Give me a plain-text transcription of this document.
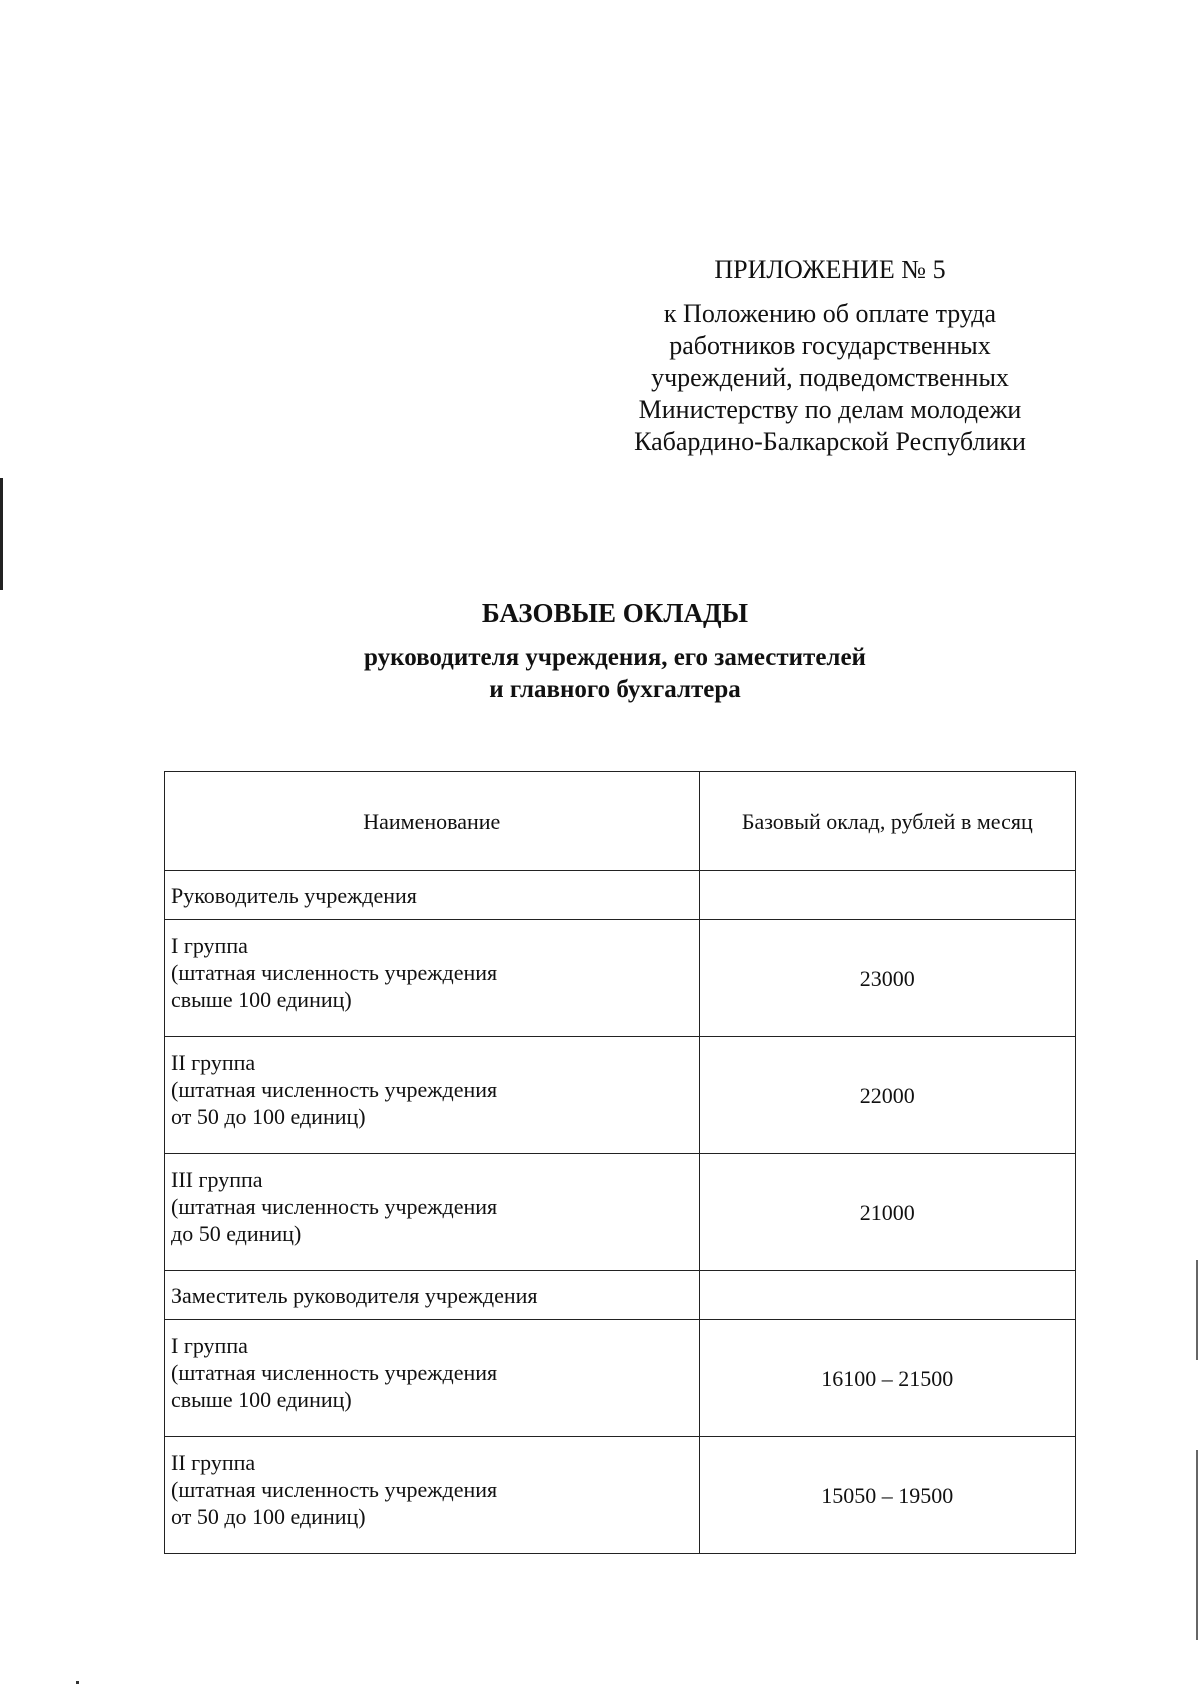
ПРИЛОЖЕНИЕ № 5
к Положению об оплате труда
работников государственных
учреждений, подведомственных
Министерству по делам молодежи
Кабардино-Балкарской Республики
БАЗОВЫЕ ОКЛАДЫ
руководителя учреждения, его заместителей
и главного бухгалтера
Наименование	Базовый оклад, рублей в месяц
Руководитель учреждения	

I группа
(штатная численность учреждения
свыше 100 единиц)	23000

II группа
(штатная численность учреждения
от 50 до 100 единиц)	22000

III группа
(штатная численность учреждения
до 50 единиц)	21000
Заместитель руководителя учреждения	

I группа
(штатная численность учреждения
свыше 100 единиц)	16100 – 21500

II группа
(штатная численность учреждения
от 50 до 100 единиц)	15050 – 19500
